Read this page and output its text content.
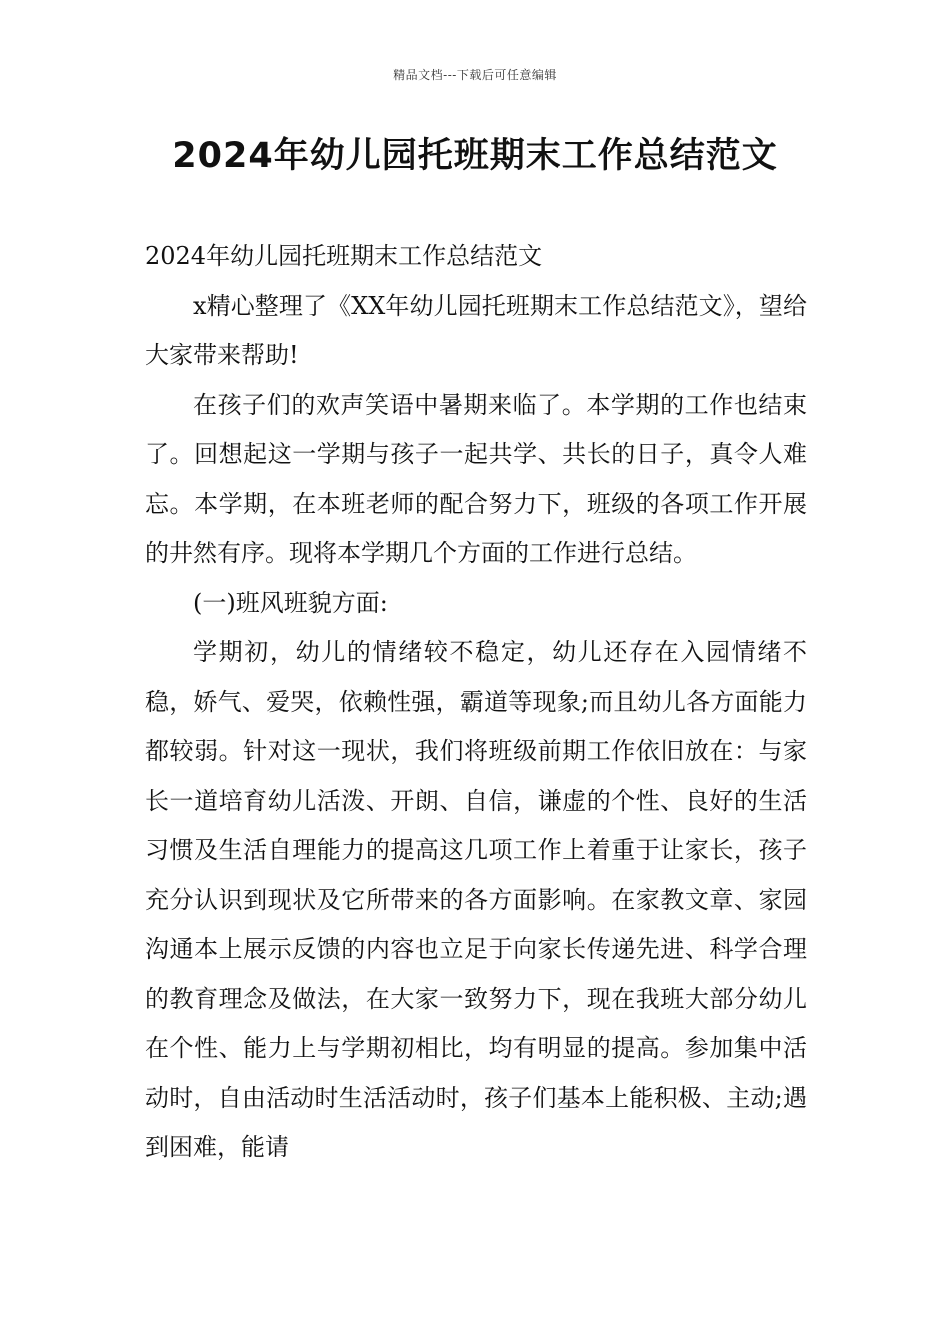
精品文档---下载后可任意编辑
2024年幼儿园托班期末工作总结范文

2024年幼儿园托班期末工作总结范文

x精心整理了《XX年幼儿园托班期末工作总结范文》，望给大家带来帮助!

在孩子们的欢声笑语中暑期来临了。本学期的工作也结束了。回想起这一学期与孩子一起共学、共长的日子，真令人难忘。本学期，在本班老师的配合努力下，班级的各项工作开展的井然有序。现将本学期几个方面的工作进行总结。

(一)班风班貌方面:

学期初，幼儿的情绪较不稳定，幼儿还存在入园情绪不稳，娇气、爱哭，依赖性强，霸道等现象;而且幼儿各方面能力都较弱。针对这一现状，我们将班级前期工作依旧放在：与家长一道培育幼儿活泼、开朗、自信，谦虚的个性、良好的生活习惯及生活自理能力的提高这几项工作上着重于让家长，孩子充分认识到现状及它所带来的各方面影响。在家教文章、家园沟通本上展示反馈的内容也立足于向家长传递先进、科学合理的教育理念及做法，在大家一致努力下，现在我班大部分幼儿在个性、能力上与学期初相比，均有明显的提高。参加集中活动时，自由活动时生活活动时，孩子们基本上能积极、主动;遇到困难，能请
